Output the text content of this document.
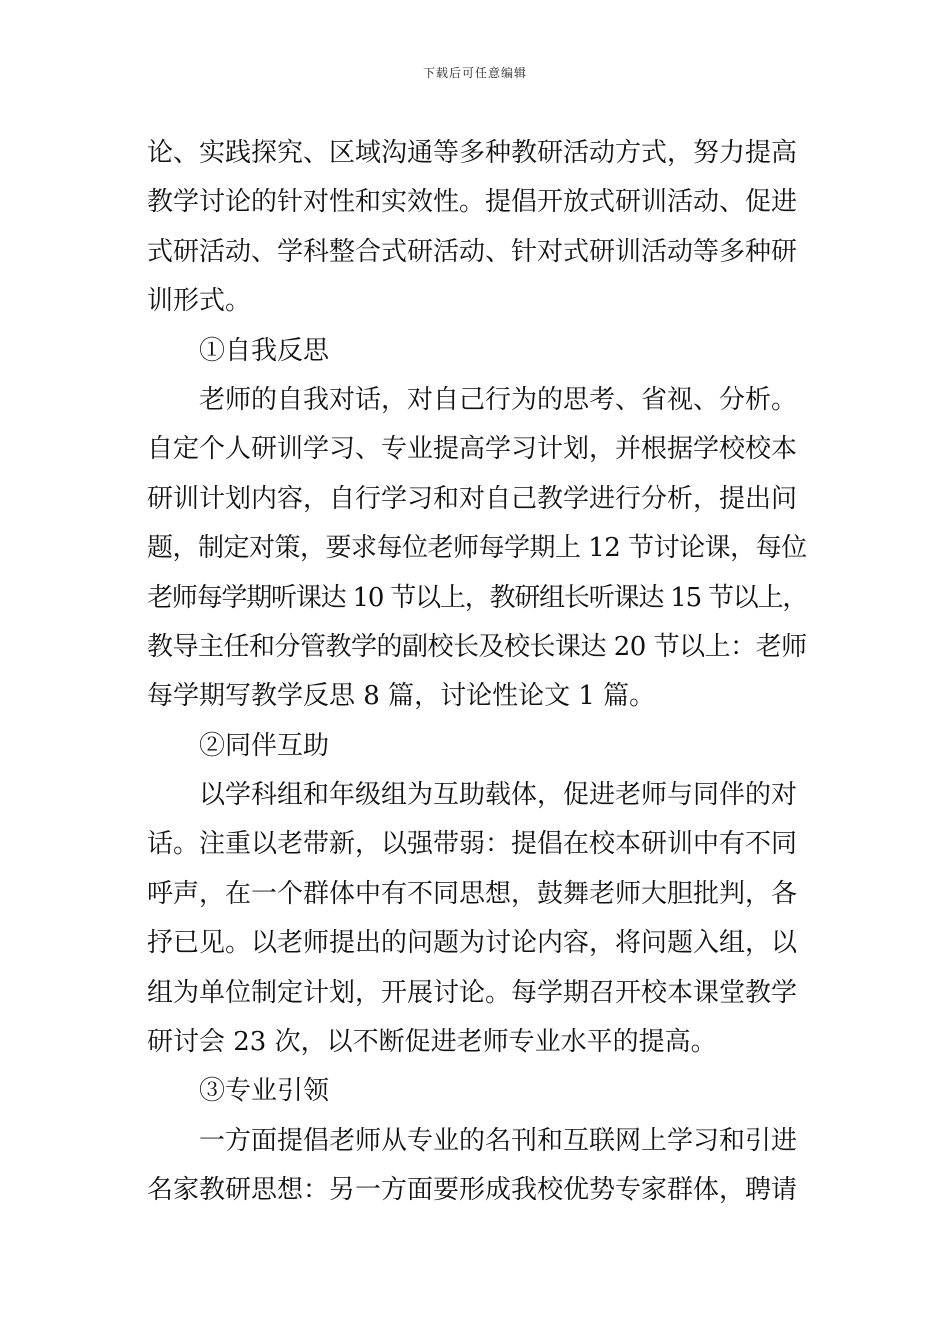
下载后可任意编辑
论、实践探究、区域沟通等多种教研活动方式，努力提高
教学讨论的针对性和实效性。提倡开放式研训活动、促进
式研活动、学科整合式研活动、针对式研训活动等多种研
训形式。
①自我反思
老师的自我对话，对自己行为的思考、省视、分析。
自定个人研训学习、专业提高学习计划，并根据学校校本
研训计划内容，自行学习和对自己教学进行分析，提出问
题，制定对策，要求每位老师每学期上 12 节讨论课，每位
老师每学期听课达 10 节以上，教研组长听课达 15 节以上，
教导主任和分管教学的副校长及校长课达 20 节以上：老师
每学期写教学反思 8 篇，讨论性论文 1 篇。
②同伴互助
以学科组和年级组为互助载体，促进老师与同伴的对
话。注重以老带新，以强带弱：提倡在校本研训中有不同
呼声，在一个群体中有不同思想，鼓舞老师大胆批判，各
抒已见。以老师提出的问题为讨论内容，将问题入组，以
组为单位制定计划，开展讨论。每学期召开校本课堂教学
研讨会 23 次，以不断促进老师专业水平的提高。
③专业引领
一方面提倡老师从专业的名刊和互联网上学习和引进
名家教研思想：另一方面要形成我校优势专家群体，聘请
